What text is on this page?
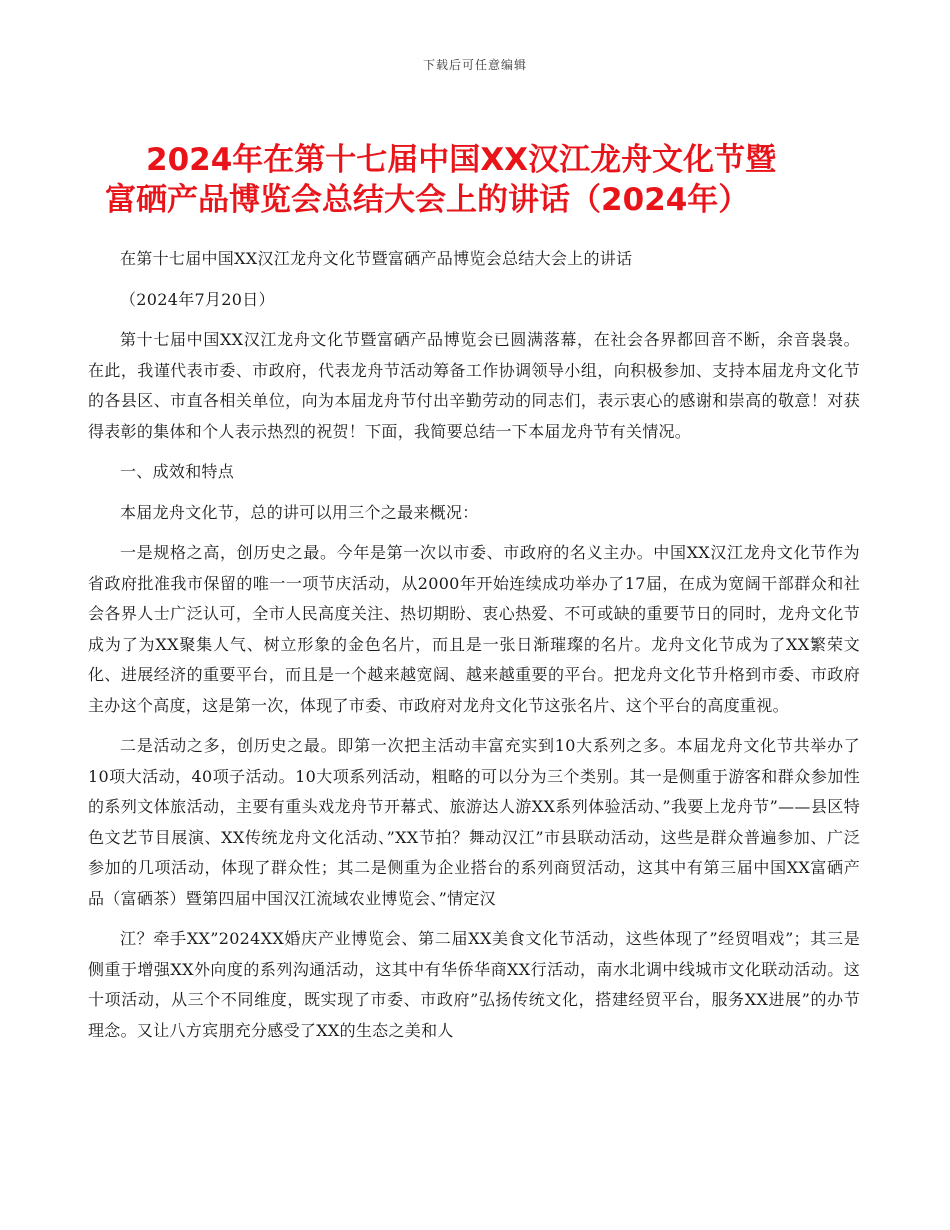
下载后可任意编辑
2024年在第十七届中国XX汉江龙舟文化节暨
富硒产品博览会总结大会上的讲话（2024年）

在第十七届中国XX汉江龙舟文化节暨富硒产品博览会总结大会上的讲话

（2024年7月20日）

第十七届中国XX汉江龙舟文化节暨富硒产品博览会已圆满落幕，在社会各界都回音不断，余音袅袅。在此，我谨代表市委、市政府，代表龙舟节活动筹备工作协调领导小组，向积极参加、支持本届龙舟文化节的各县区、市直各相关单位，向为本届龙舟节付出辛勤劳动的同志们，表示衷心的感谢和崇高的敬意！对获得表彰的集体和个人表示热烈的祝贺！下面，我简要总结一下本届龙舟节有关情况。

一、成效和特点

本届龙舟文化节，总的讲可以用三个之最来概况：

一是规格之高，创历史之最。今年是第一次以市委、市政府的名义主办。中国XX汉江龙舟文化节作为省政府批准我市保留的唯一一项节庆活动，从2000年开始连续成功举办了17届，在成为宽阔干部群众和社会各界人士广泛认可，全市人民高度关注、热切期盼、衷心热爱、不可或缺的重要节日的同时，龙舟文化节成为了为XX聚集人气、树立形象的金色名片，而且是一张日渐璀璨的名片。龙舟文化节成为了XX繁荣文化、进展经济的重要平台，而且是一个越来越宽阔、越来越重要的平台。把龙舟文化节升格到市委、市政府主办这个高度，这是第一次，体现了市委、市政府对龙舟文化节这张名片、这个平台的高度重视。

二是活动之多，创历史之最。即第一次把主活动丰富充实到10大系列之多。本届龙舟文化节共举办了10项大活动，40项子活动。10大项系列活动，粗略的可以分为三个类别。其一是侧重于游客和群众参加性的系列文体旅活动，主要有重头戏龙舟节开幕式、旅游达人游XX系列体验活动、”我要上龙舟节”——县区特色文艺节目展演、XX传统龙舟文化活动、”XX节拍？舞动汉江”市县联动活动，这些是群众普遍参加、广泛参加的几项活动，体现了群众性；其二是侧重为企业搭台的系列商贸活动，这其中有第三届中国XX富硒产品（富硒茶）暨第四届中国汉江流域农业博览会、”情定汉

江？牵手XX”2024XX婚庆产业博览会、第二届XX美食文化节活动，这些体现了”经贸唱戏”；其三是侧重于增强XX外向度的系列沟通活动，这其中有华侨华商XX行活动，南水北调中线城市文化联动活动。这十项活动，从三个不同维度，既实现了市委、市政府”弘扬传统文化，搭建经贸平台，服务XX进展”的办节理念。又让八方宾朋充分感受了XX的生态之美和人
